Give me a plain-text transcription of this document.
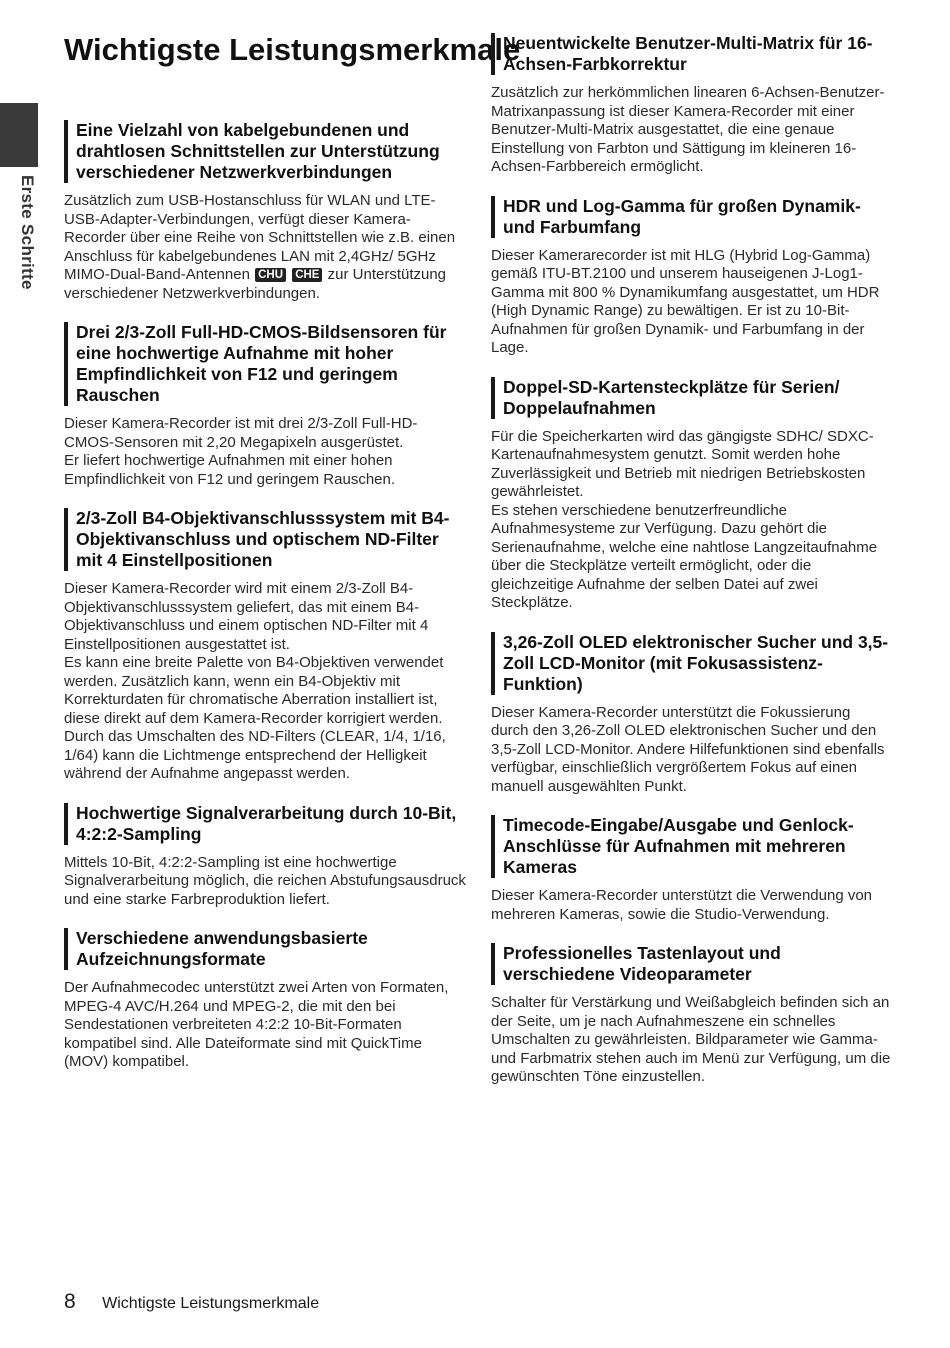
Erste Schritte
Wichtigste Leistungsmerkmale
Eine Vielzahl von kabelgebundenen und drahtlosen Schnittstellen zur Unterstützung verschiedener Netzwerkverbindungen

Zusätzlich zum USB-Hostanschluss für WLAN und LTE-USB-Adapter-Verbindungen, verfügt dieser Kamera-Recorder über eine Reihe von Schnittstellen wie z.B. einen Anschluss für kabelgebundenes LAN mit 2,4GHz/ 5GHz MIMO-Dual-Band-Antennen CHU CHE zur Unterstützung verschiedener Netzwerkverbindungen.

Drei 2/3-Zoll Full-HD-CMOS-Bildsensoren für eine hochwertige Aufnahme mit hoher Empfindlichkeit von F12 und geringem Rauschen

Dieser Kamera-Recorder ist mit drei 2/3-Zoll Full-HD-CMOS-Sensoren mit 2,20 Megapixeln ausgerüstet.
Er liefert hochwertige Aufnahmen mit einer hohen Empfindlichkeit von F12 und geringem Rauschen.

2/3-Zoll B4-Objektivanschlusssystem mit B4-Objektivanschluss und optischem ND-Filter mit 4 Einstellpositionen

Dieser Kamera-Recorder wird mit einem 2/3-Zoll B4-Objektivanschlusssystem geliefert, das mit einem B4-Objektivanschluss und einem optischen ND-Filter mit 4 Einstellpositionen ausgestattet ist.
Es kann eine breite Palette von B4-Objektiven verwendet werden. Zusätzlich kann, wenn ein B4-Objektiv mit Korrekturdaten für chromatische Aberration installiert ist, diese direkt auf dem Kamera-Recorder korrigiert werden.
Durch das Umschalten des ND-Filters (CLEAR, 1/4, 1/16, 1/64) kann die Lichtmenge entsprechend der Helligkeit während der Aufnahme angepasst werden.

Hochwertige Signalverarbeitung durch 10-Bit, 4:2:2-Sampling

Mittels 10-Bit, 4:2:2-Sampling ist eine hochwertige Signalverarbeitung möglich, die reichen Abstufungsausdruck und eine starke Farbreproduktion liefert.

Verschiedene anwendungsbasierte Aufzeichnungsformate

Der Aufnahmecodec unterstützt zwei Arten von Formaten, MPEG-4 AVC/H.264 und MPEG-2, die mit den bei Sendestationen verbreiteten 4:2:2 10-Bit-Formaten kompatibel sind. Alle Dateiformate sind mit QuickTime (MOV) kompatibel.

Neuentwickelte Benutzer-Multi-Matrix für 16-Achsen-Farbkorrektur

Zusätzlich zur herkömmlichen linearen 6-Achsen-Benutzer-Matrixanpassung ist dieser Kamera-Recorder mit einer Benutzer-Multi-Matrix ausgestattet, die eine genaue Einstellung von Farbton und Sättigung im kleineren 16-Achsen-Farbbereich ermöglicht.

HDR und Log-Gamma für großen Dynamik- und Farbumfang

Dieser Kamerarecorder ist mit HLG (Hybrid Log-Gamma) gemäß ITU-BT.2100 und unserem hauseigenen J-Log1-Gamma mit 800 % Dynamikumfang ausgestattet, um HDR (High Dynamic Range) zu bewältigen. Er ist zu 10-Bit-Aufnahmen für großen Dynamik- und Farbumfang in der Lage.

Doppel-SD-Kartensteckplätze für Serien/ Doppelaufnahmen

Für die Speicherkarten wird das gängigste SDHC/ SDXC-Kartenaufnahmesystem genutzt. Somit werden hohe Zuverlässigkeit und Betrieb mit niedrigen Betriebskosten gewährleistet.
Es stehen verschiedene benutzerfreundliche Aufnahmesysteme zur Verfügung. Dazu gehört die Serienaufnahme, welche eine nahtlose Langzeitaufnahme über die Steckplätze verteilt ermöglicht, oder die gleichzeitige Aufnahme der selben Datei auf zwei Steckplätze.

3,26-Zoll OLED elektronischer Sucher und 3,5-Zoll LCD-Monitor (mit Fokusassistenz-Funktion)

Dieser Kamera-Recorder unterstützt die Fokussierung durch den 3,26-Zoll OLED elektronischen Sucher und den 3,5-Zoll LCD-Monitor. Andere Hilfefunktionen sind ebenfalls verfügbar, einschließlich vergrößertem Fokus auf einen manuell ausgewählten Punkt.

Timecode-Eingabe/Ausgabe und Genlock-Anschlüsse für Aufnahmen mit mehreren Kameras

Dieser Kamera-Recorder unterstützt die Verwendung von mehreren Kameras, sowie die Studio-Verwendung.

Professionelles Tastenlayout und verschiedene Videoparameter

Schalter für Verstärkung und Weißabgleich befinden sich an der Seite, um je nach Aufnahmeszene ein schnelles Umschalten zu gewährleisten. Bildparameter wie Gamma- und Farbmatrix stehen auch im Menü zur Verfügung, um die gewünschten Töne einzustellen.

8 Wichtigste Leistungsmerkmale
